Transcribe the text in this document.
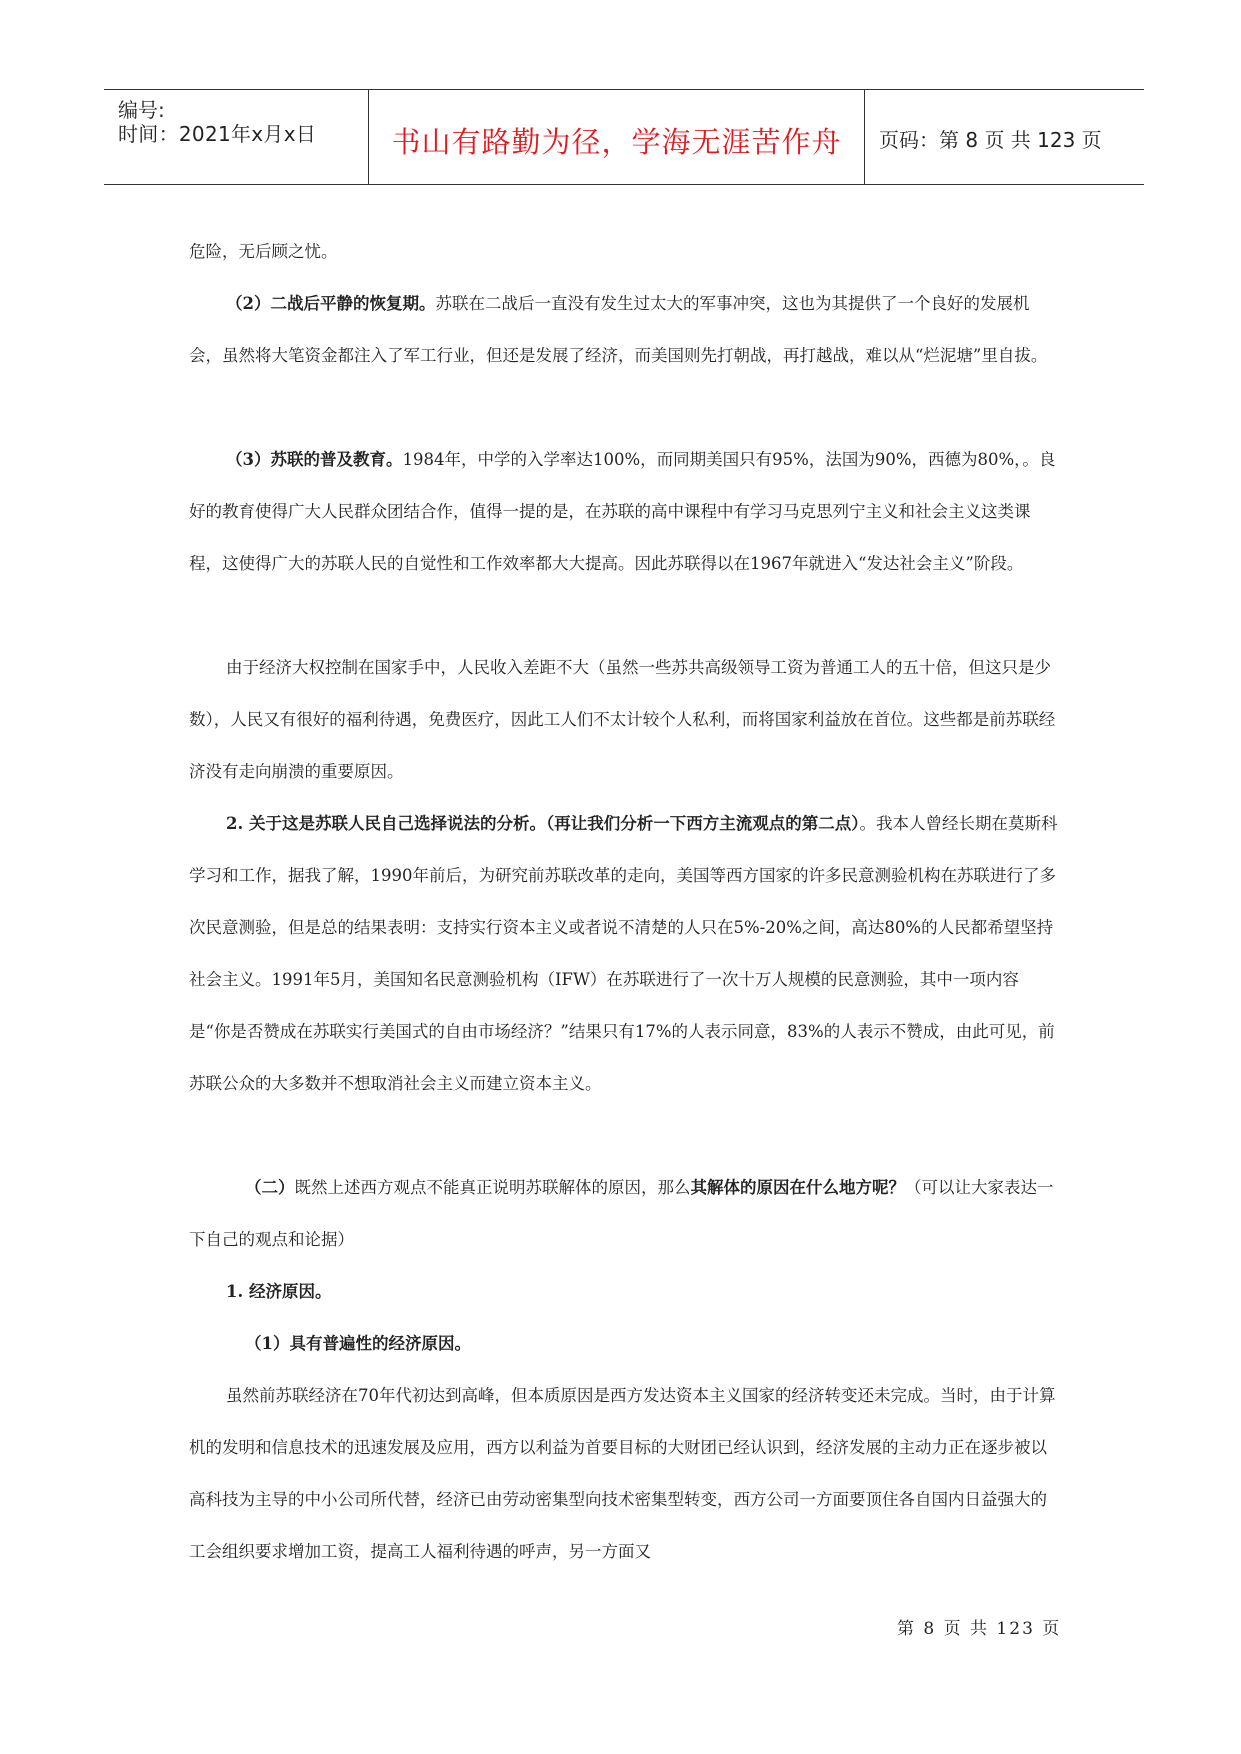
编号:
时间：2021年x月x日	书山有路勤为径，学海无涯苦作舟	页码：第 8 页 共 123 页

危险，无后顾之忧。

（2）二战后平静的恢复期。苏联在二战后一直没有发生过太大的军事冲突，这也为其提供了一个良好的发展机会，虽然将大笔资金都注入了军工行业，但还是发展了经济，而美国则先打朝战，再打越战，难以从“烂泥塘”里自拔。

（3）苏联的普及教育。1984年，中学的入学率达100%，而同期美国只有95%，法国为90%，西德为80%，。良好的教育使得广大人民群众团结合作，值得一提的是，在苏联的高中课程中有学习马克思列宁主义和社会主义这类课程，这使得广大的苏联人民的自觉性和工作效率都大大提高。因此苏联得以在1967年就进入“发达社会主义”阶段。

由于经济大权控制在国家手中，人民收入差距不大（虽然一些苏共高级领导工资为普通工人的五十倍，但这只是少数），人民又有很好的福利待遇，免费医疗，因此工人们不太计较个人私利，而将国家利益放在首位。这些都是前苏联经济没有走向崩溃的重要原因。

2. 关于这是苏联人民自己选择说法的分析。（再让我们分析一下西方主流观点的第二点）。我本人曾经长期在莫斯科学习和工作，据我了解，1990年前后，为研究前苏联改革的走向，美国等西方国家的许多民意测验机构在苏联进行了多次民意测验，但是总的结果表明：支持实行资本主义或者说不清楚的人只在5%-20%之间，高达80%的人民都希望坚持社会主义。1991年5月，美国知名民意测验机构（IFW）在苏联进行了一次十万人规模的民意测验，其中一项内容是“你是否赞成在苏联实行美国式的自由市场经济？”结果只有17%的人表示同意，83%的人表示不赞成，由此可见，前苏联公众的大多数并不想取消社会主义而建立资本主义。

（二）既然上述西方观点不能真正说明苏联解体的原因，那么其解体的原因在什么地方呢？（可以让大家表达一下自己的观点和论据）

1. 经济原因。

（1）具有普遍性的经济原因。

虽然前苏联经济在70年代初达到高峰，但本质原因是西方发达资本主义国家的经济转变还未完成。当时，由于计算机的发明和信息技术的迅速发展及应用，西方以利益为首要目标的大财团已经认识到，经济发展的主动力正在逐步被以高科技为主导的中小公司所代替，经济已由劳动密集型向技术密集型转变，西方公司一方面要顶住各自国内日益强大的工会组织要求增加工资，提高工人福利待遇的呼声，另一方面又

第 8 页 共 123 页
